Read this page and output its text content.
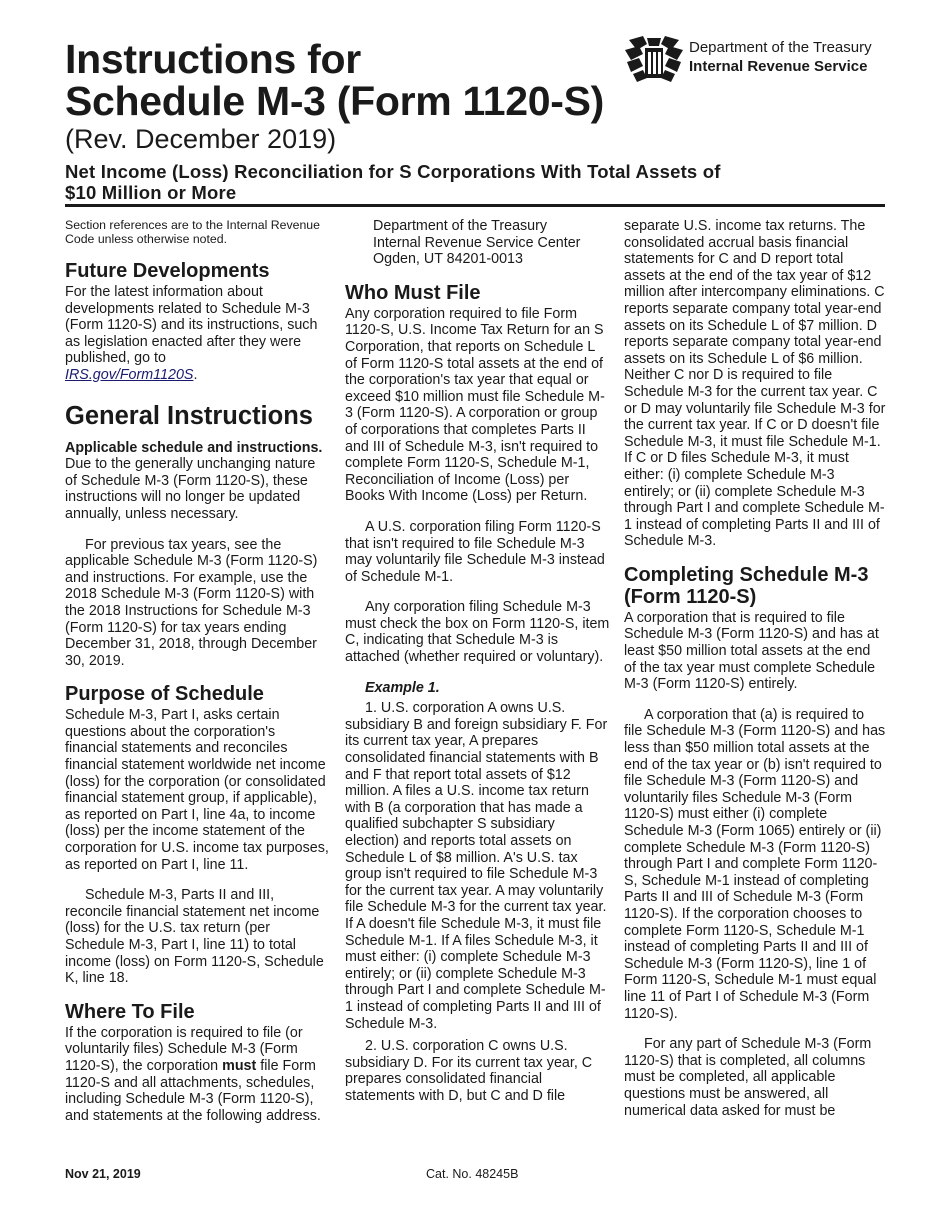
Instructions for
Schedule M-3 (Form 1120-S)
(Rev. December 2019)
Net Income (Loss) Reconciliation for S Corporations With Total Assets of
$10 Million or More
Department of the Treasury
Internal Revenue Service

Section references are to the Internal Revenue Code unless otherwise noted.

Future Developments

For the latest information about developments related to Schedule M-3 (Form 1120-S) and its instructions, such as legislation enacted after they were published, go to
IRS.gov/Form1120S.

General Instructions

Applicable schedule and instructions. Due to the generally unchanging nature of Schedule M-3 (Form 1120-S), these instructions will no longer be updated annually, unless necessary.

For previous tax years, see the applicable Schedule M-3 (Form 1120-S) and instructions. For example, use the 2018 Schedule M-3 (Form 1120-S) with the 2018 Instructions for Schedule M-3 (Form 1120-S) for tax years ending December 31, 2018, through December 30, 2019.

Purpose of Schedule

Schedule M-3, Part I, asks certain questions about the corporation's financial statements and reconciles financial statement worldwide net income (loss) for the corporation (or consolidated financial statement group, if applicable), as reported on Part I, line 4a, to income (loss) per the income statement of the corporation for U.S. income tax purposes, as reported on Part I, line 11.

Schedule M-3, Parts II and III, reconcile financial statement net income (loss) for the U.S. tax return (per Schedule M-3, Part I, line 11) to total income (loss) on Form 1120-S, Schedule K, line 18.

Where To File

If the corporation is required to file (or voluntarily files) Schedule M-3 (Form 1120-S), the corporation must file Form 1120-S and all attachments, schedules, including Schedule M-3 (Form 1120-S), and statements at the following address.

Department of the Treasury
Internal Revenue Service Center
Ogden, UT 84201-0013
Who Must File

Any corporation required to file Form 1120-S, U.S. Income Tax Return for an S Corporation, that reports on Schedule L of Form 1120-S total assets at the end of the corporation's tax year that equal or exceed $10 million must file Schedule M-3 (Form 1120-S). A corporation or group of corporations that completes Parts II and III of Schedule M-3, isn't required to complete Form 1120-S, Schedule M-1, Reconciliation of Income (Loss) per Books With Income (Loss) per Return.

A U.S. corporation filing Form 1120-S that isn't required to file Schedule M-3 may voluntarily file Schedule M-3 instead of Schedule M-1.

Any corporation filing Schedule M-3 must check the box on Form 1120-S, item C, indicating that Schedule M-3 is attached (whether required or voluntary).

Example 1.

1. U.S. corporation A owns U.S. subsidiary B and foreign subsidiary F. For its current tax year, A prepares consolidated financial statements with B and F that report total assets of $12 million. A files a U.S. income tax return with B (a corporation that has made a qualified subchapter S subsidiary election) and reports total assets on Schedule L of $8 million. A's U.S. tax group isn't required to file Schedule M-3 for the current tax year. A may voluntarily file Schedule M-3 for the current tax year. If A doesn't file Schedule M-3, it must file Schedule M-1. If A files Schedule M-3, it must either: (i) complete Schedule M-3 entirely; or (ii) complete Schedule M-3 through Part I and complete Schedule M-1 instead of completing Parts II and III of Schedule M-3.

2. U.S. corporation C owns U.S. subsidiary D. For its current tax year, C prepares consolidated financial statements with D, but C and D file

separate U.S. income tax returns. The consolidated accrual basis financial statements for C and D report total assets at the end of the tax year of $12 million after intercompany eliminations. C reports separate company total year-end assets on its Schedule L of $7 million. D reports separate company total year-end assets on its Schedule L of $6 million. Neither C nor D is required to file Schedule M-3 for the current tax year. C or D may voluntarily file Schedule M-3 for the current tax year. If C or D doesn't file Schedule M-3, it must file Schedule M-1. If C or D files Schedule M-3, it must either: (i) complete Schedule M-3 entirely; or (ii) complete Schedule M-3 through Part I and complete Schedule M-1 instead of completing Parts II and III of Schedule M-3.

Completing Schedule M-3 (Form 1120-S)

A corporation that is required to file Schedule M-3 (Form 1120-S) and has at least $50 million total assets at the end of the tax year must complete Schedule M-3 (Form 1120-S) entirely.

A corporation that (a) is required to file Schedule M-3 (Form 1120-S) and has less than $50 million total assets at the end of the tax year or (b) isn't required to file Schedule M-3 (Form 1120-S) and voluntarily files Schedule M-3 (Form 1120-S) must either (i) complete Schedule M-3 (Form 1065) entirely or (ii) complete Schedule M-3 (Form 1120-S) through Part I and complete Form 1120-S, Schedule M-1 instead of completing Parts II and III of Schedule M-3 (Form 1120-S). If the corporation chooses to complete Form 1120-S, Schedule M-1 instead of completing Parts II and III of Schedule M-3 (Form 1120-S), line 1 of Form 1120-S, Schedule M-1 must equal line 11 of Part I of Schedule M-3 (Form 1120-S).

For any part of Schedule M-3 (Form 1120-S) that is completed, all columns must be completed, all applicable questions must be answered, all numerical data asked for must be

Nov 21, 2019	Cat. No. 48245B
